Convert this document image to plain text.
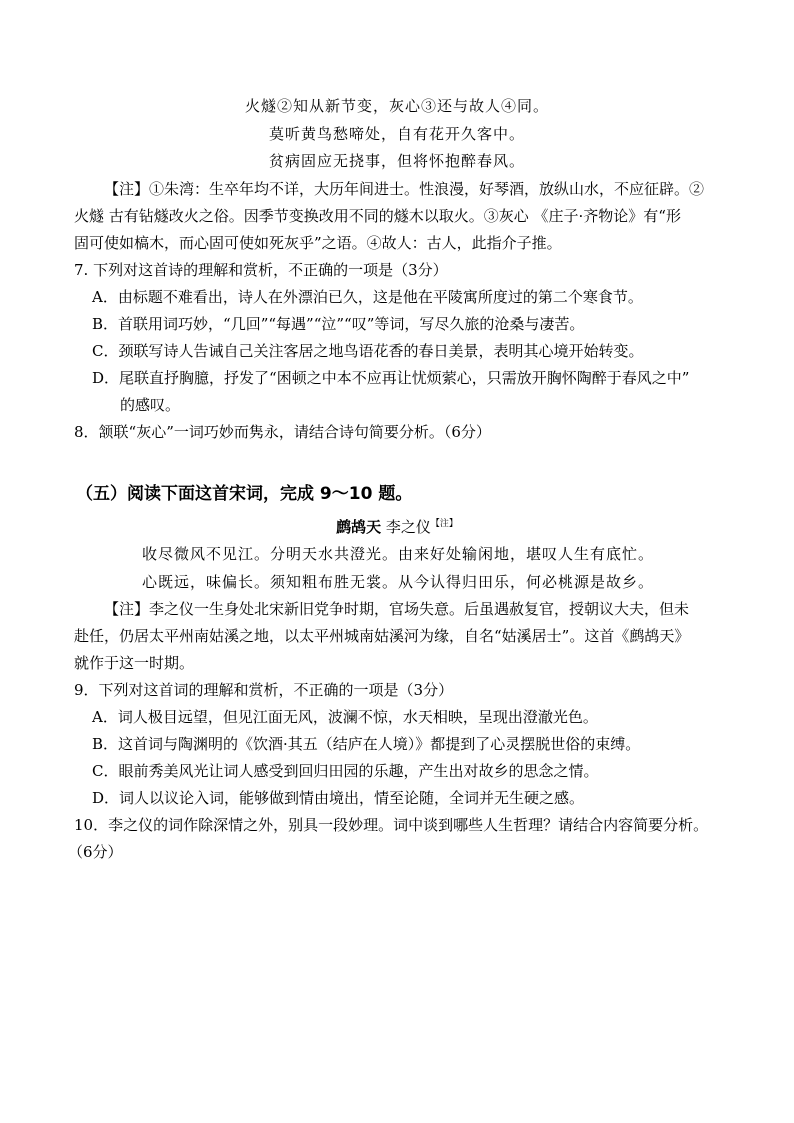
火燧②知从新节变，灰心③还与故人④同。
莫听黄鸟愁啼处，自有花开久客中。
贫病固应无挠事，但将怀抱醉春风。
【注】①朱湾：生卒年均不详，大历年间进士。性浪漫，好琴酒，放纵山水，不应征辟。②
火燧 古有钻燧改火之俗。因季节变换改用不同的燧木以取火。③灰心 《庄子·齐物论》有“形
固可使如槁木，而心固可使如死灰乎”之语。④故人：古人，此指介子推。
7. 下列对这首诗的理解和赏析，不正确的一项是（3分）
A．由标题不难看出，诗人在外漂泊已久，这是他在平陵寓所度过的第二个寒食节。
B．首联用词巧妙，“几回”“每遇”“泣”“叹”等词，写尽久旅的沧桑与凄苦。
C．颈联写诗人告诫自己关注客居之地鸟语花香的春日美景，表明其心境开始转变。
D．尾联直抒胸臆，抒发了“困顿之中本不应再让忧烦萦心，只需放开胸怀陶醉于春风之中”
的感叹。
8．颔联“灰心”一词巧妙而隽永，请结合诗句简要分析。（6分）
（五）阅读下面这首宋词，完成 9～10 题。
鹧鸪天 李之仪$^{【注】}$
收尽微风不见江。分明天水共澄光。由来好处输闲地，堪叹人生有底忙。
心既远，味偏长。须知粗布胜无裳。从今认得归田乐，何必桃源是故乡。
【注】李之仪一生身处北宋新旧党争时期，官场失意。后虽遇赦复官，授朝议大夫，但未
赴任，仍居太平州南姑溪之地，以太平州城南姑溪河为缘，自名“姑溪居士”。这首《鹧鸪天》
就作于这一时期。
9．下列对这首词的理解和赏析，不正确的一项是（3分）
A．词人极目远望，但见江面无风，波澜不惊，水天相映，呈现出澄澈光色。
B．这首词与陶渊明的《饮酒·其五（结庐在人境）》都提到了心灵摆脱世俗的束缚。
C．眼前秀美风光让词人感受到回归田园的乐趣，产生出对故乡的思念之情。
D．词人以议论入词，能够做到情由境出，情至论随，全词并无生硬之感。
10．李之仪的词作除深情之外，别具一段妙理。词中谈到哪些人生哲理？请结合内容简要分析。
（6分）
